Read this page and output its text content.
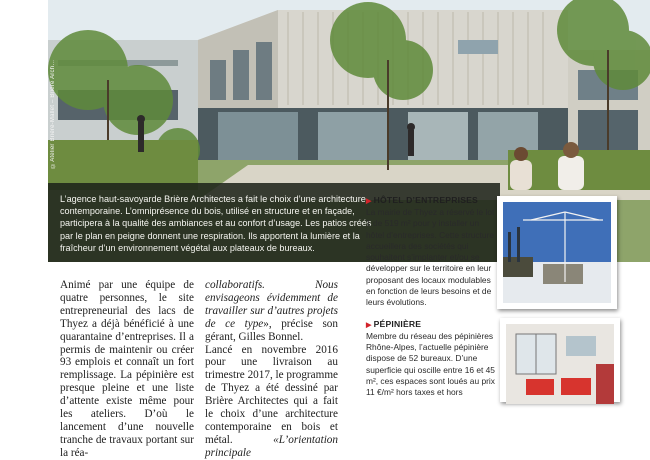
©Atelier Brière-Mallet – Brière Arch…

L’agence haut-savoyarde Brière Architectes a fait le choix d’une architecture contemporaine. L’omniprésence du bois, utilisé en structure et en façade, participera à la qualité des ambiances et au confort d’usage. Les patios créés par le plan en peigne donnent une respiration. Ils apportent la lumière et la fraîcheur d’un environnement végétal aux plateaux de bureaux.

▶ HÔTEL D’ENTREPRISES
La mairie de Thyez a réservé le lot 1 de 519 m² pour y installer un hôtel d’entreprises. Cette structure accueillera des sociétés qui souhaitent s’implanter et/ou se développer sur le territoire en leur proposant des locaux modulables en fonction de leurs besoins et de leurs évolutions.
▶ PÉPINIÈRE
Membre du réseau des pépinières Rhône-Alpes, l’actuelle pépinière dispose de 52 bureaux. D’une superficie qui oscille entre 16 et 45 m², ces espaces sont loués au prix 11 €/m² hors taxes et hors
Animé par une équipe de quatre personnes, le site entrepreneurial des lacs de Thyez a déjà bénéficié à une quarantaine d’entreprises. Il a permis de maintenir ou créer 93 emplois et connaît un fort remplissage. La pépinière est presque pleine et une liste d’attente existe même pour les ateliers. D’où le lancement d’une nouvelle tranche de travaux portant sur la réa-
collaboratifs. Nous envisageons évidemment de travailler sur d’autres projets de ce type», précise son gérant, Gilles Bonnel.
Lancé en novembre 2016 pour une livraison au trimestre 2017, le programme de Thyez a été dessiné par Brière Architectes qui a fait le choix d’une architecture contemporaine en bois et métal. «L’orientation principale
